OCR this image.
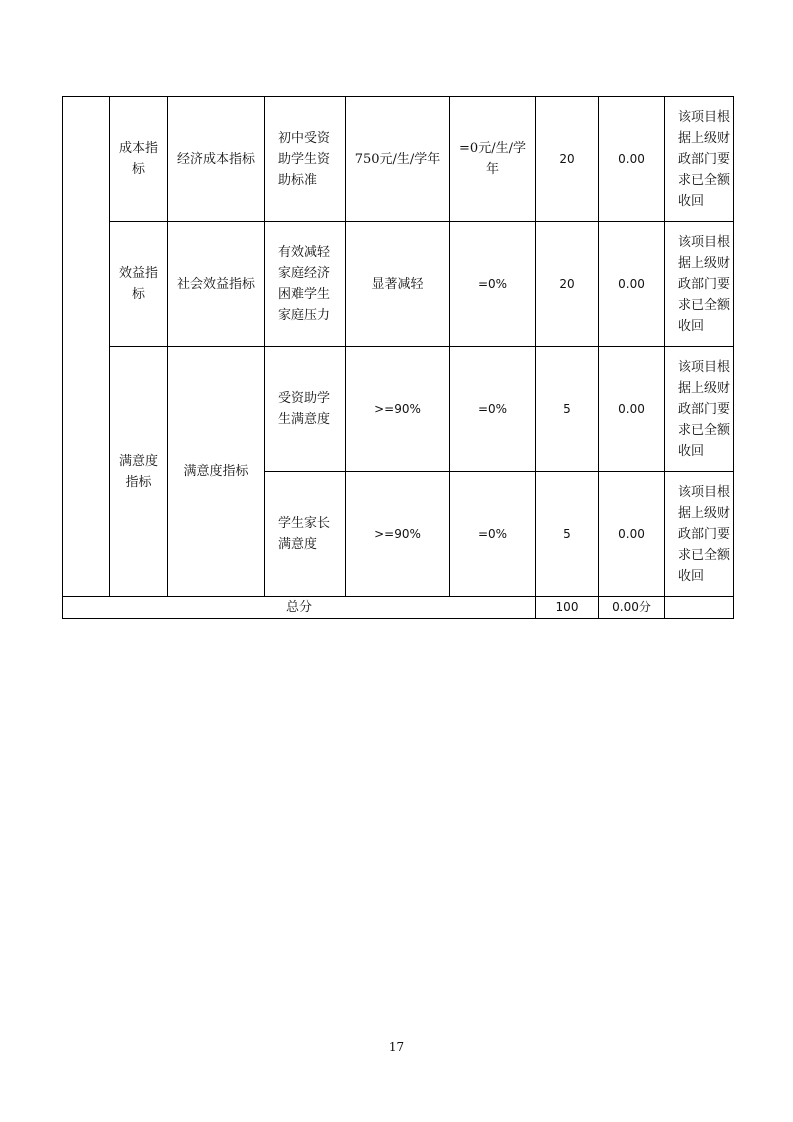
	成本指标	经济成本指标	初中受资助学生资助标准	750元/生/学年	=0元/生/学年	20	0.00	该项目根据上级财政部门要求已全额收回

	效益指标	社会效益指标	有效减轻家庭经济困难学生家庭压力	显著减轻	=0%	20	0.00	该项目根据上级财政部门要求已全额收回

	满意度指标	满意度指标	受资助学生满意度	>=90%	=0%	5	0.00	该项目根据上级财政部门要求已全额收回

			学生家长满意度	>=90%	=0%	5	0.00	该项目根据上级财政部门要求已全额收回

总分						100	0.00分	
17
